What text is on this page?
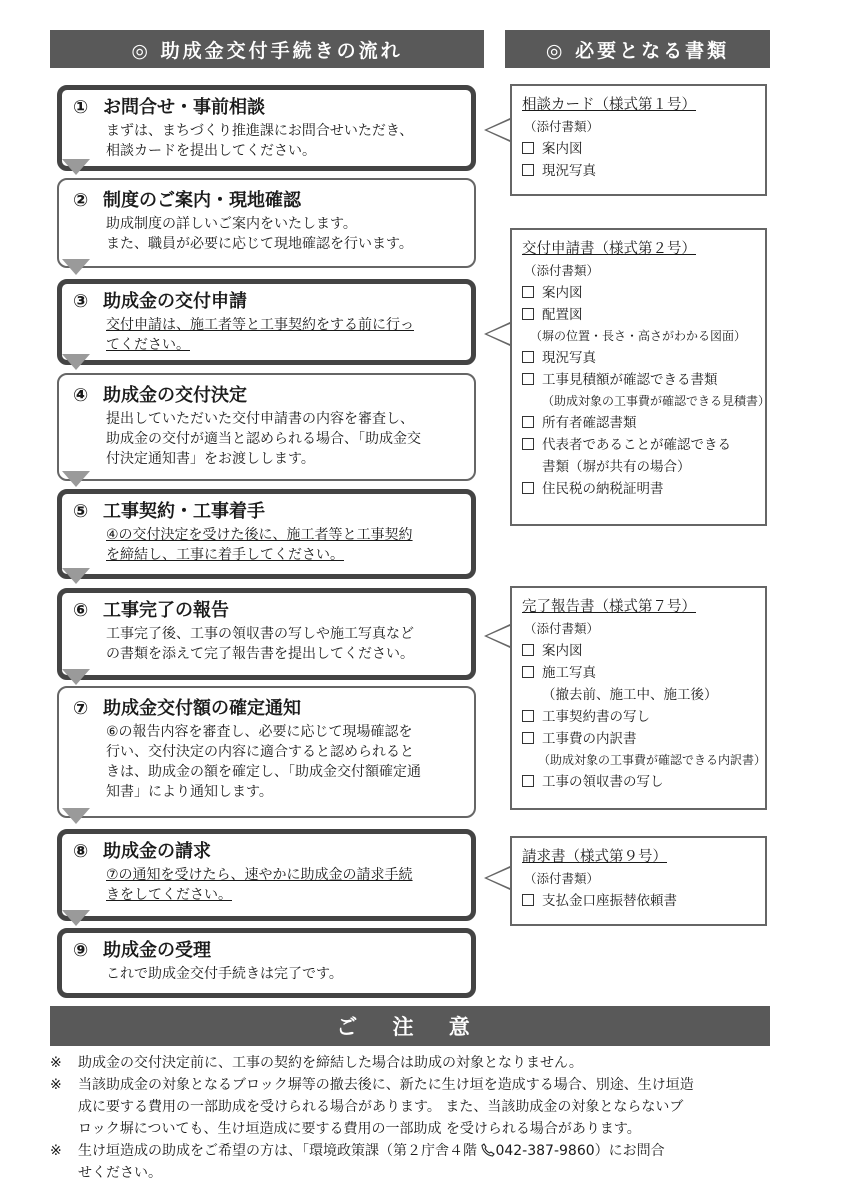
◎ 助成金交付手続きの流れ	◎ 必要となる書類
① お問合せ・事前相談
まずは、まちづくり推進課にお問合せいただき、
相談カードを提出してください。
② 制度のご案内・現地確認
助成制度の詳しいご案内をいたします。
また、職員が必要に応じて現地確認を行います。
③ 助成金の交付申請
交付申請は、施工者等と工事契約をする前に行っ
てください。
④ 助成金の交付決定
提出していただいた交付申請書の内容を審査し、
助成金の交付が適当と認められる場合、「助成金交
付決定通知書」をお渡しします。
⑤ 工事契約・工事着手
④の交付決定を受けた後に、施工者等と工事契約
を締結し、工事に着手してください。
⑥ 工事完了の報告
工事完了後、工事の領収書の写しや施工写真など
の書類を添えて完了報告書を提出してください。
⑦ 助成金交付額の確定通知
⑥の報告内容を審査し、必要に応じて現場確認を
行い、交付決定の内容に適合すると認められると
きは、助成金の額を確定し、「助成金交付額確定通
知書」により通知します。
⑧ 助成金の請求
⑦の通知を受けたら、速やかに助成金の請求手続
きをしてください。
⑨ 助成金の受理
これで助成金交付手続きは完了です。
相談カード（様式第１号）
（添付書類）
案内図
現況写真
交付申請書（様式第２号）
（添付書類）
案内図
配置図
（塀の位置・長さ・高さがわかる図面）
現況写真
工事見積額が確認できる書類
（助成対象の工事費が確認できる見積書）
所有者確認書類
代表者であることが確認できる
書類（塀が共有の場合）
住民税の納税証明書
完了報告書（様式第７号）
（添付書類）
案内図
施工写真
（撤去前、施工中、施工後）
工事契約書の写し
工事費の内訳書
（助成対象の工事費が確認できる内訳書）
工事の領収書の写し
請求書（様式第９号）
（添付書類）
支払金口座振替依頼書
ご 注 意
※ 助成金の交付決定前に、工事の契約を締結した場合は助成の対象となりません。
※ 当該助成金の対象となるブロック塀等の撤去後に、新たに生け垣を造成する場合、別途、生け垣造
成に要する費用の一部助成を受けられる場合があります。 また、当該助成金の対象とならないブ
ロック塀についても、生け垣造成に要する費用の一部助成 を受けられる場合があります。
※ 生け垣造成の助成をご希望の方は、「環境政策課（第２庁舎４階 042-387-9860）にお問合
せください。
